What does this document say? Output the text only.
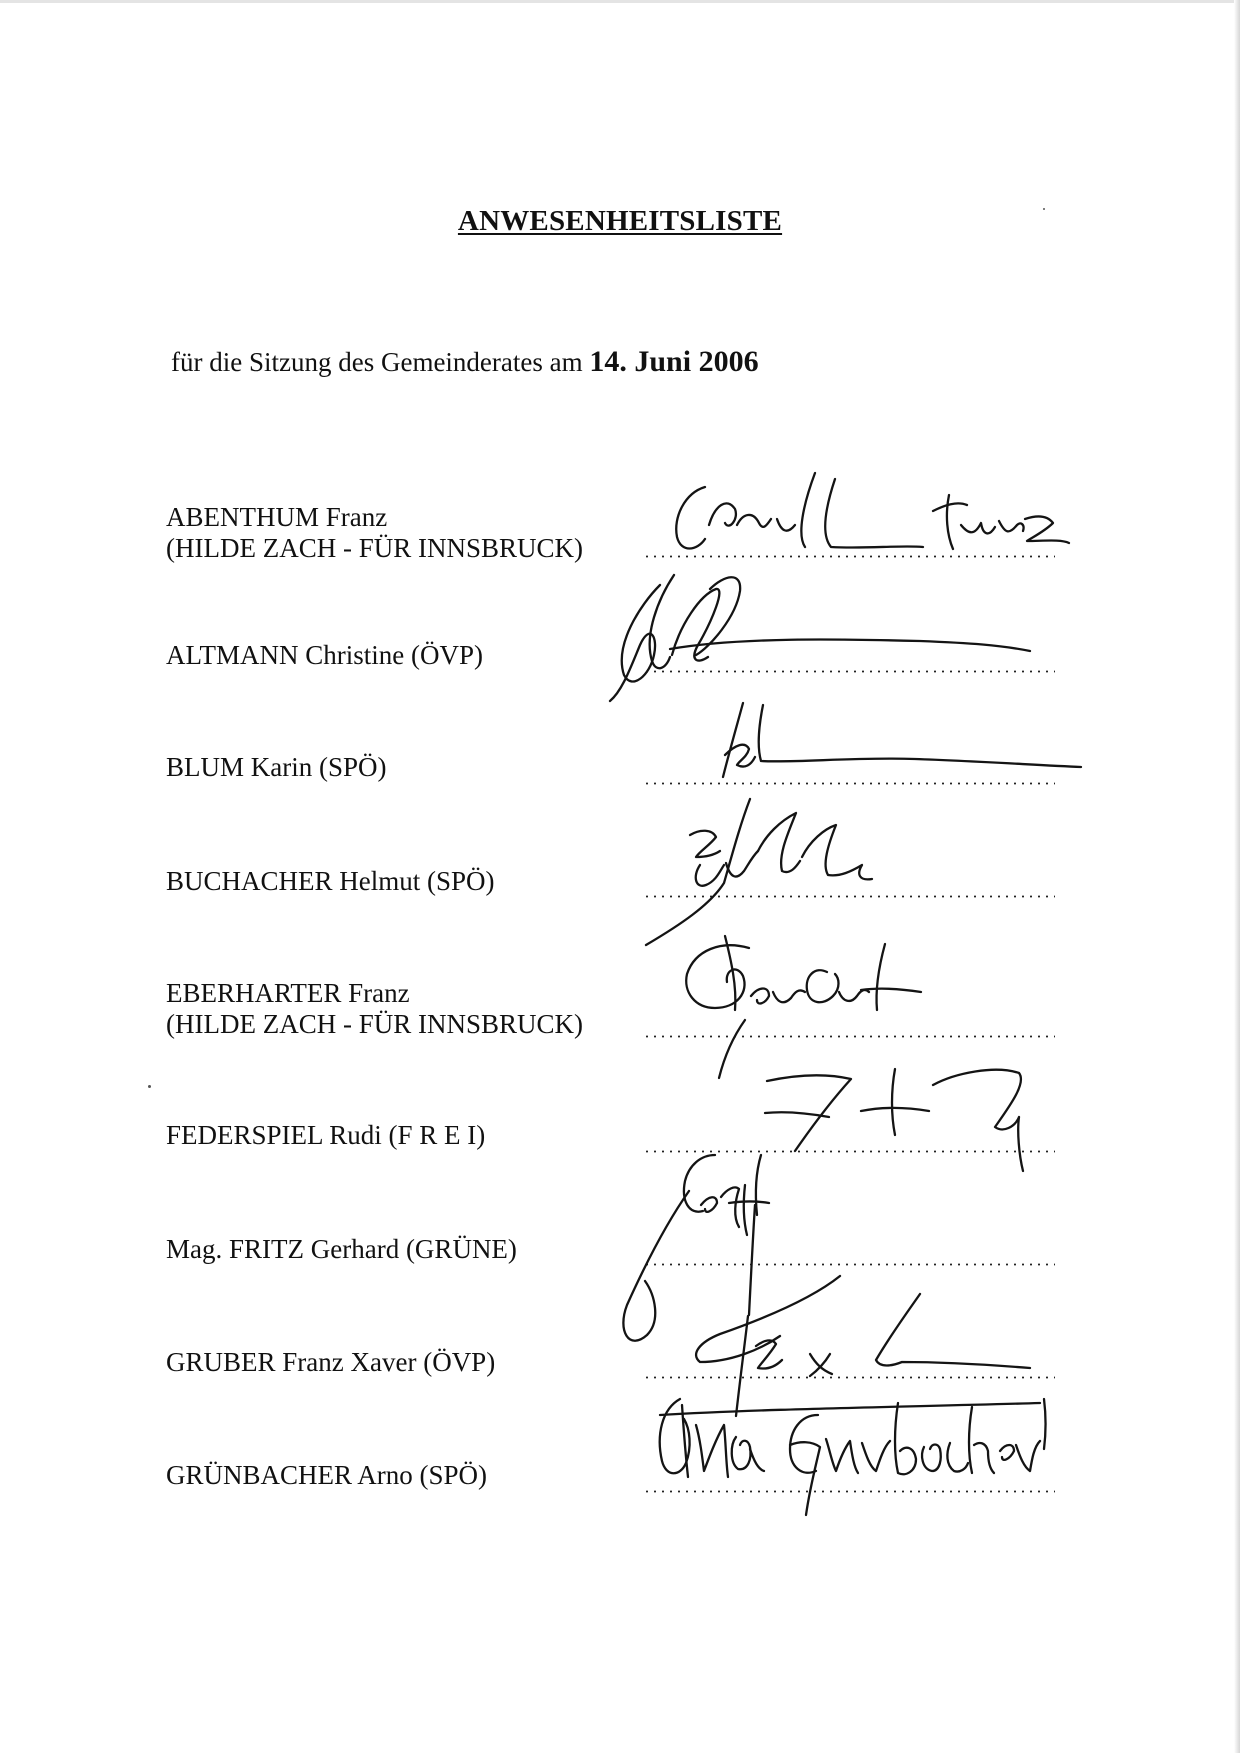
ANWESENHEITSLISTE
für die Sitzung des Gemeinderates am 14. Juni 2006
ABENTHUM Franz
(HILDE ZACH - FÜR INNSBRUCK)
ALTMANN Christine (ÖVP)
BLUM Karin (SPÖ)
BUCHACHER Helmut (SPÖ)
EBERHARTER Franz
(HILDE ZACH - FÜR INNSBRUCK)
FEDERSPIEL Rudi (F R E I)
Mag. FRITZ Gerhard (GRÜNE)
GRUBER Franz Xaver (ÖVP)
GRÜNBACHER Arno (SPÖ)
